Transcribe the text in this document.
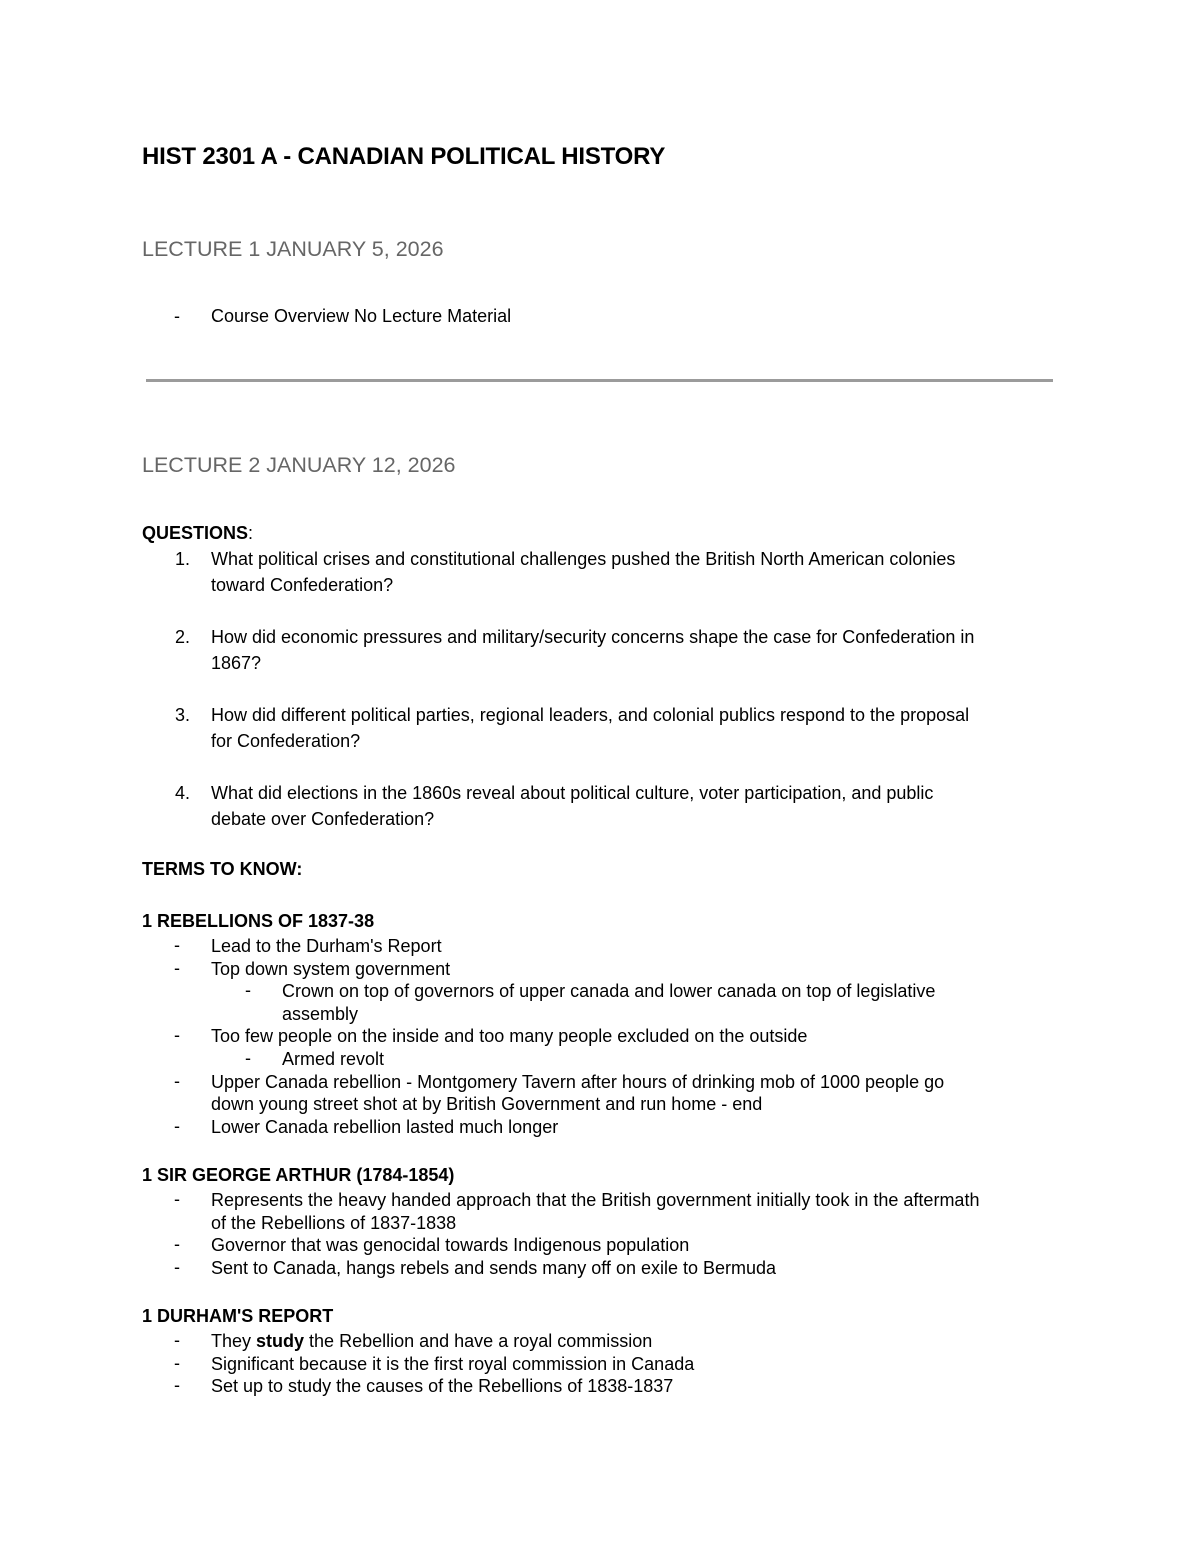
HIST 2301 A - CANADIAN POLITICAL HISTORY
LECTURE 1 JANUARY 5, 2026
- Course Overview No Lecture Material
LECTURE 2 JANUARY 12, 2026
QUESTIONS:
1. What political crises and constitutional challenges pushed the British North American colonies
toward Confederation?
2. How did economic pressures and military/security concerns shape the case for Confederation in
1867?
3. How did different political parties, regional leaders, and colonial publics respond to the proposal
for Confederation?
4. What did elections in the 1860s reveal about political culture, voter participation, and public
debate over Confederation?
TERMS TO KNOW:
1 REBELLIONS OF 1837-38
- Lead to the Durham's Report
- Top down system government
- Crown on top of governors of upper canada and lower canada on top of legislative
assembly
- Too few people on the inside and too many people excluded on the outside
- Armed revolt
- Upper Canada rebellion - Montgomery Tavern after hours of drinking mob of 1000 people go
down young street shot at by British Government and run home - end
- Lower Canada rebellion lasted much longer
1 SIR GEORGE ARTHUR (1784-1854)
- Represents the heavy handed approach that the British government initially took in the aftermath
of the Rebellions of 1837-1838
- Governor that was genocidal towards Indigenous population
- Sent to Canada, hangs rebels and sends many off on exile to Bermuda
1 DURHAM'S REPORT
- They study the Rebellion and have a royal commission
- Significant because it is the first royal commission in Canada
- Set up to study the causes of the Rebellions of 1838-1837
